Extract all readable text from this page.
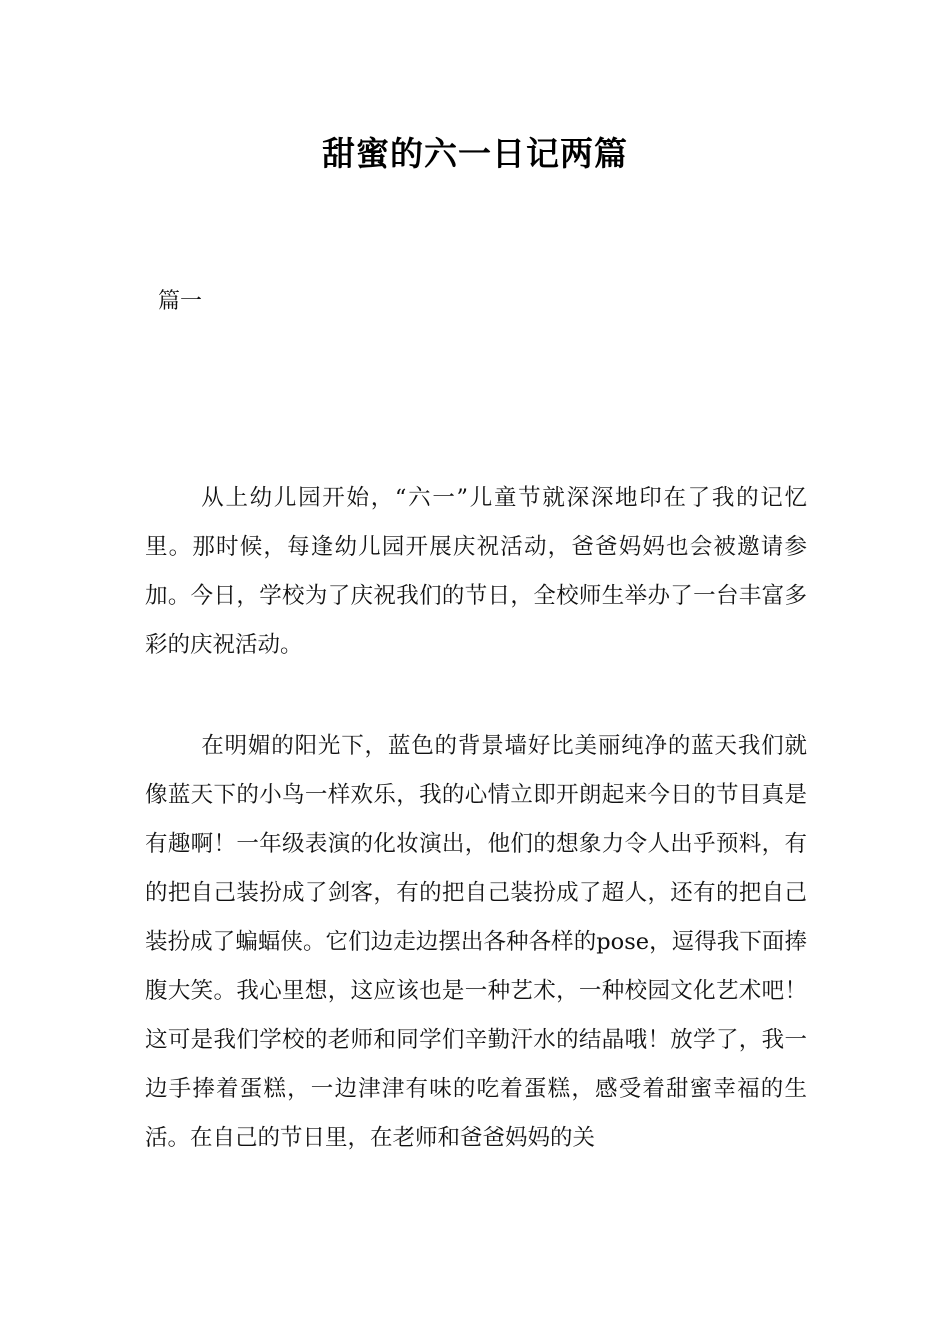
甜蜜的六一日记两篇
篇一

从上幼儿园开始，“六一”儿童节就深深地印在了我的记忆里。那时候，每逢幼儿园开展庆祝活动，爸爸妈妈也会被邀请参加。今日，学校为了庆祝我们的节日，全校师生举办了一台丰富多彩的庆祝活动。

在明媚的阳光下，蓝色的背景墙好比美丽纯净的蓝天我们就像蓝天下的小鸟一样欢乐，我的心情立即开朗起来今日的节目真是有趣啊！一年级表演的化妆演出，他们的想象力令人出乎预料，有的把自己装扮成了剑客，有的把自己装扮成了超人，还有的把自己装扮成了蝙蝠侠。它们边走边摆出各种各样的pose，逗得我下面捧腹大笑。我心里想，这应该也是一种艺术，一种校园文化艺术吧！这可是我们学校的老师和同学们辛勤汗水的结晶哦！放学了，我一边手捧着蛋糕，一边津津有味的吃着蛋糕，感受着甜蜜幸福的生活。在自己的节日里，在老师和爸爸妈妈的关
